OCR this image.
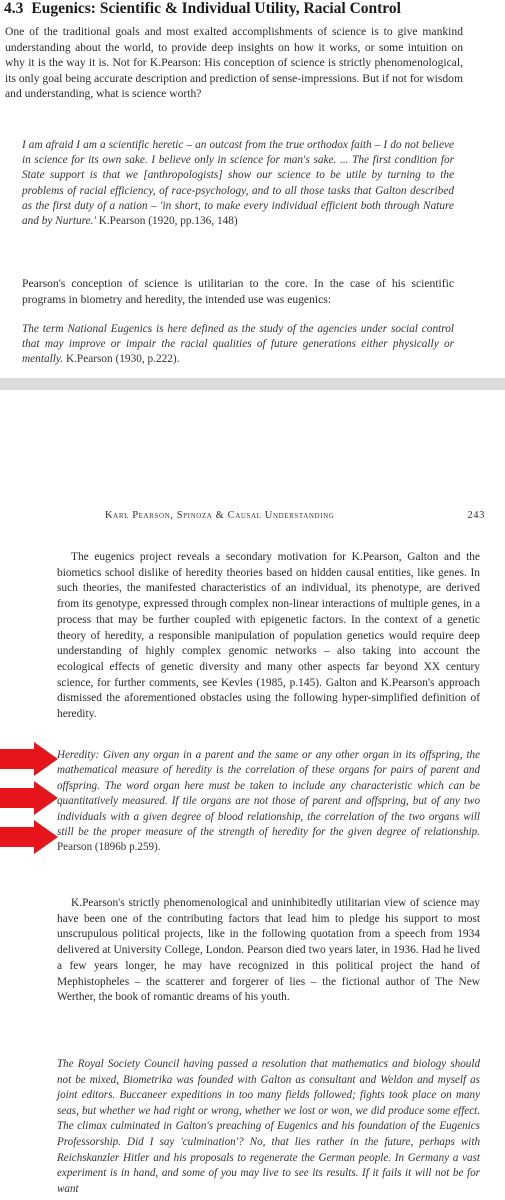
4.3 Eugenics: Scientific & Individual Utility, Racial Control
One of the traditional goals and most exalted accomplishments of science is to give mankind understanding about the world, to provide deep insights on how it works, or some intuition on why it is the way it is. Not for K.Pearson: His conception of science is strictly phenomenological, its only goal being accurate description and prediction of sense-impressions. But if not for wisdom and understanding, what is science worth?
I am afraid I am a scientific heretic – an outcast from the true orthodox faith – I do not believe in science for its own sake. I believe only in science for man's sake. ... The first condition for State support is that we [anthropologists] show our science to be utile by turning to the problems of racial efficiency, of race-psychology, and to all those tasks that Galton described as the first duty of a nation – 'in short, to make every individual efficient both through Nature and by Nurture.' K.Pearson (1920, pp.136, 148)
Pearson's conception of science is utilitarian to the core. In the case of his scientific programs in biometry and heredity, the intended use was eugenics:
The term National Eugenics is here defined as the study of the agencies under social control that may improve or impair the racial qualities of future generations either physically or mentally. K.Pearson (1930, p.222).
Karl Pearson, Spinoza & Causal Understanding	243
The eugenics project reveals a secondary motivation for K.Pearson, Galton and the biometics school dislike of heredity theories based on hidden causal entities, like genes. In such theories, the manifested characteristics of an individual, its phenotype, are derived from its genotype, expressed through complex non-linear interactions of multiple genes, in a process that may be further coupled with epigenetic factors. In the context of a genetic theory of heredity, a responsible manipulation of population genetics would require deep understanding of highly complex genomic networks – also taking into account the ecological effects of genetic diversity and many other aspects far beyond XX century science, for further comments, see Kevles (1985, p.145). Galton and K.Pearson's approach dismissed the aforementioned obstacles using the following hyper-simplified definition of heredity.
Heredity: Given any organ in a parent and the same or any other organ in its offspring, the mathematical measure of heredity is the correlation of these organs for pairs of parent and offspring. The word organ here must be taken to include any characteristic which can be quantitatively measured. If tile organs are not those of parent and offspring, but of any two individuals with a given degree of blood relationship, the correlation of the two organs will still be the proper measure of the strength of heredity for the given degree of relationship. Pearson (1896b p.259).
K.Pearson's strictly phenomenological and uninhibitedly utilitarian view of science may have been one of the contributing factors that lead him to pledge his support to most unscrupulous political projects, like in the following quotation from a speech from 1934 delivered at University College, London. Pearson died two years later, in 1936. Had he lived a few years longer, he may have recognized in this political project the hand of Mephistopheles – the scatterer and forgerer of lies – the fictional author of The New Werther, the book of romantic dreams of his youth.
The Royal Society Council having passed a resolution that mathematics and biology should not be mixed, Biometrika was founded with Galton as consultant and Weldon and myself as joint editors. Buccaneer expeditions in too many fields followed; fights took place on many seas, but whether we had right or wrong, whether we lost or won, we did produce some effect. The climax culminated in Galton's preaching of Eugenics and his foundation of the Eugenics Professorship. Did I say 'culmination'? No, that lies rather in the future, perhaps with Reichskanzler Hitler and his proposals to regenerate the German people. In Germany a vast experiment is in hand, and some of you may live to see its results. If it fails it will not be for want
